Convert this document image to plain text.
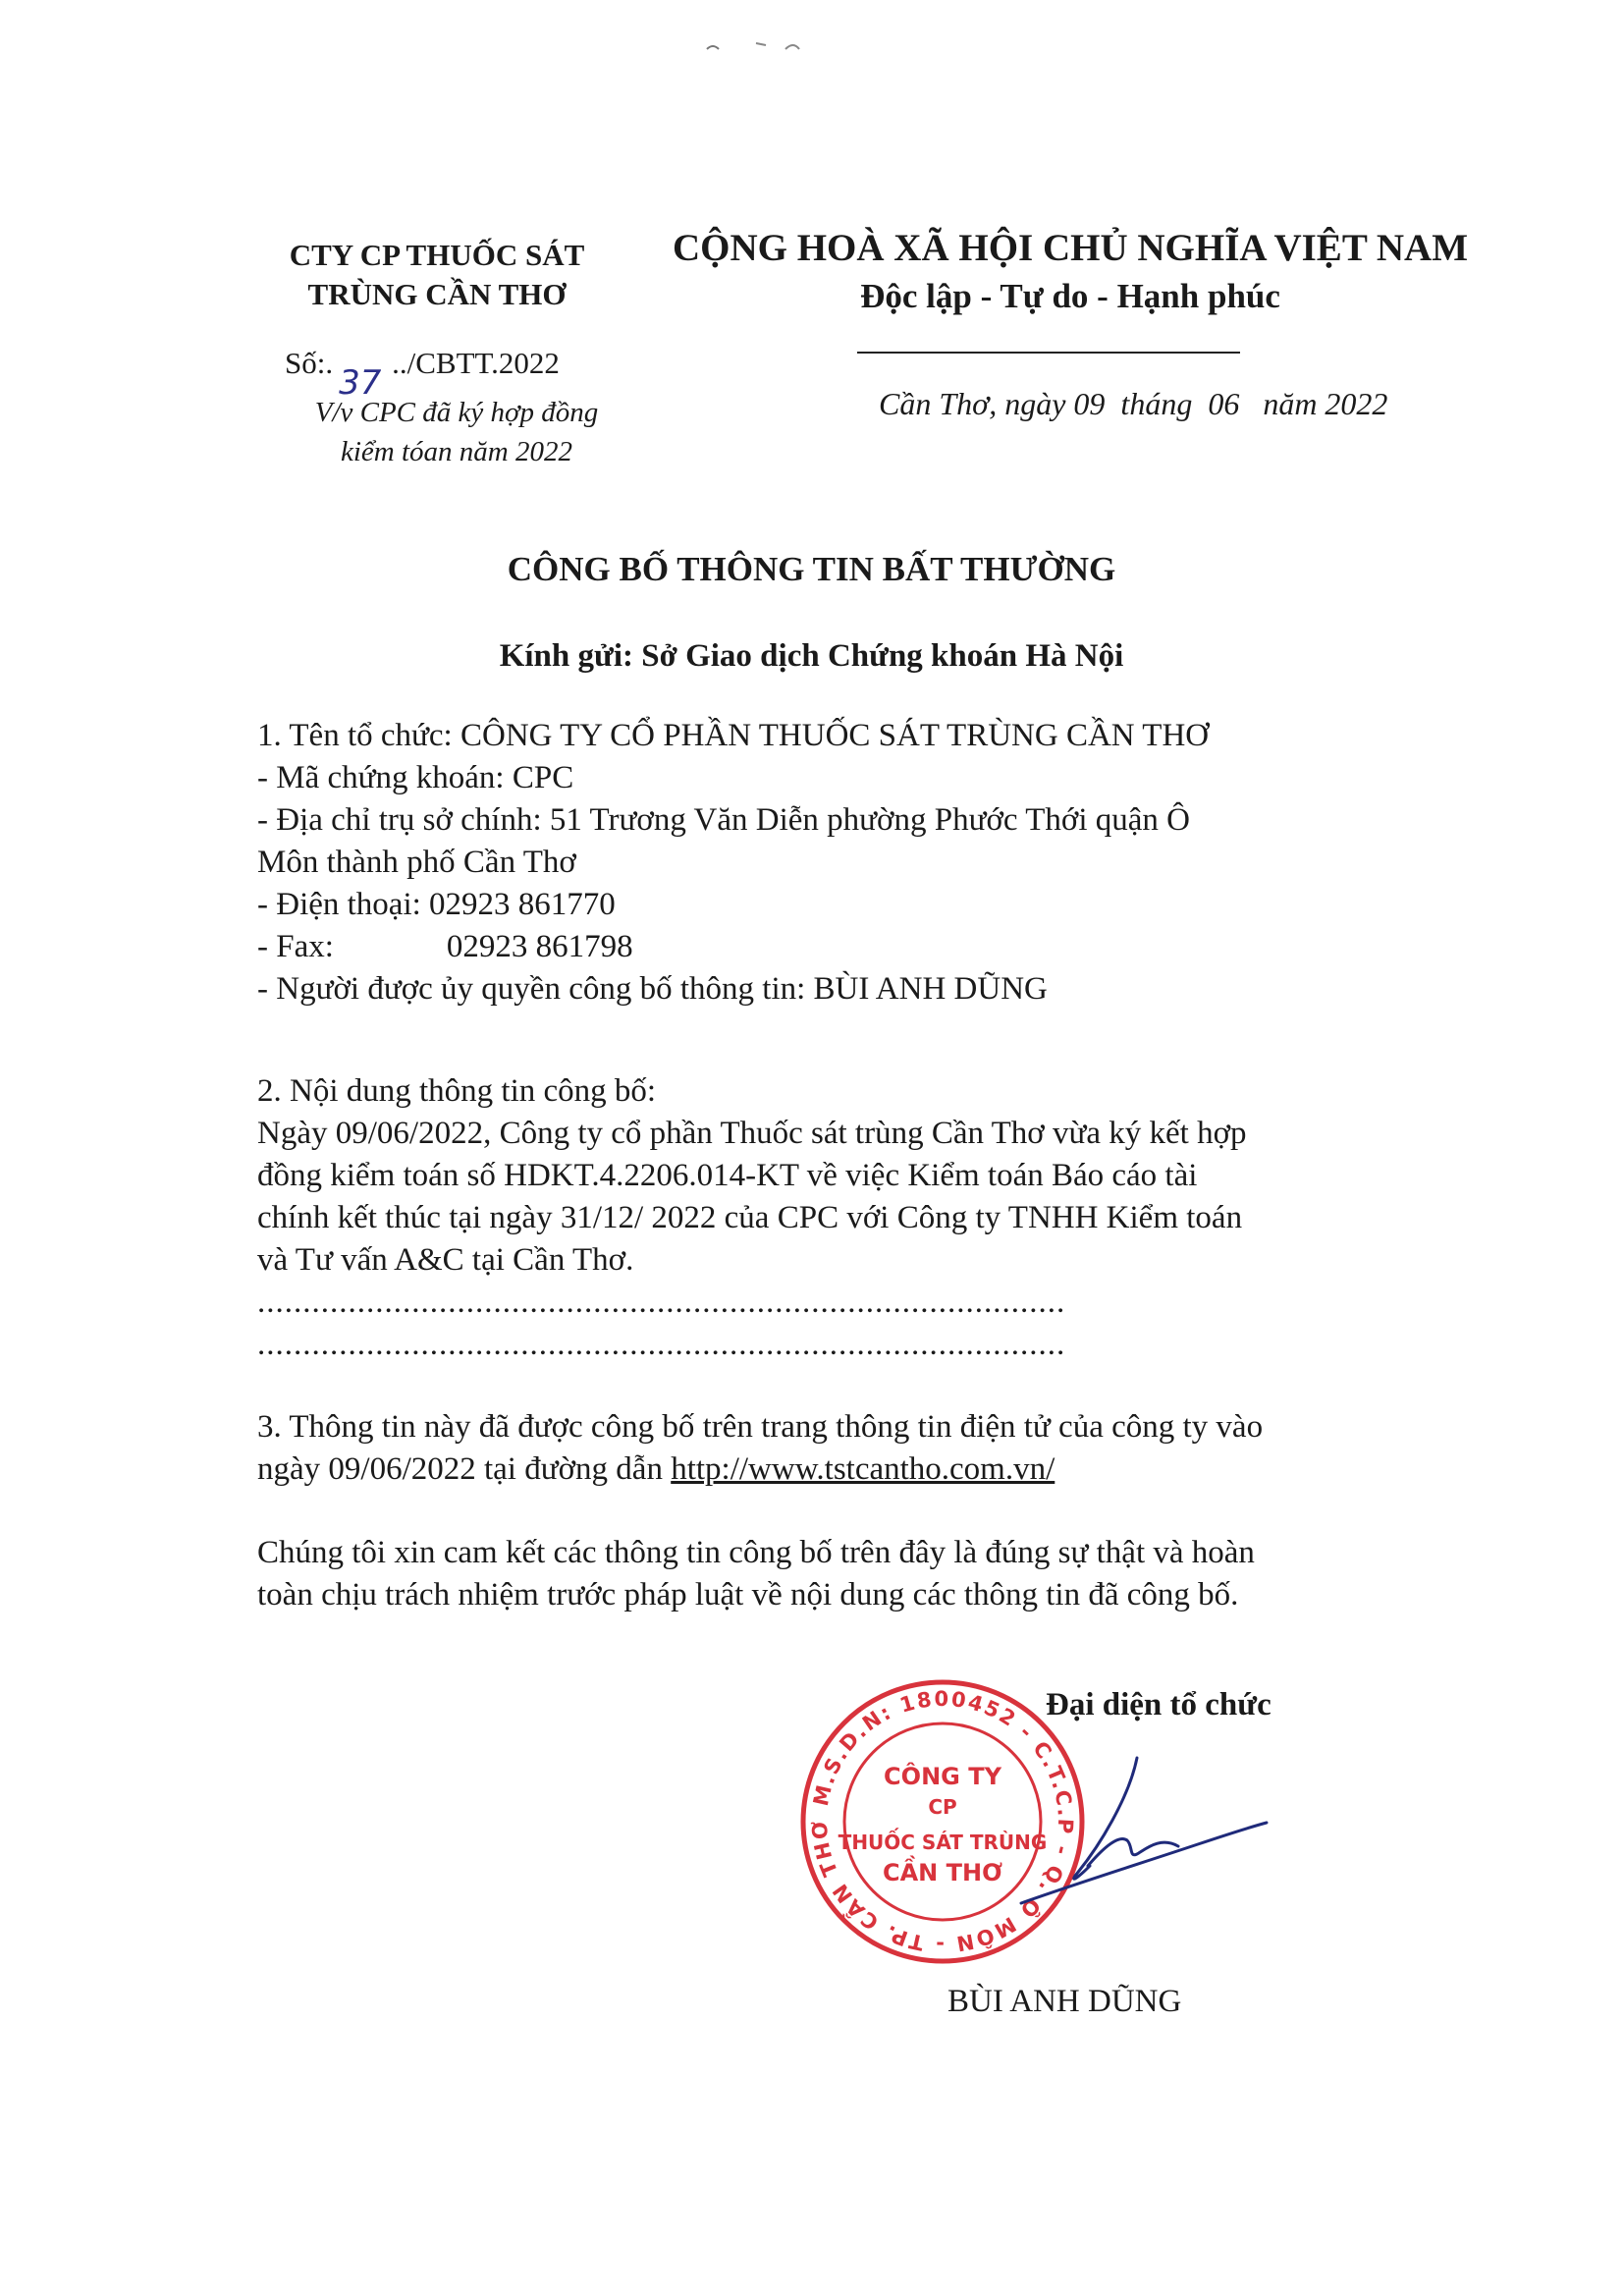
CTY CP THUỐC SÁT
TRÙNG CẦN THƠ
CỘNG HOÀ XÃ HỘI CHỦ NGHĨA VIỆT NAM
Độc lập - Tự do - Hạnh phúc
Số:.
37
../CBTT.2022
V/v CPC đã ký hợp đồng
kiểm tóan năm 2022
Cần Thơ, ngày 09  tháng  06   năm 2022
CÔNG BỐ THÔNG TIN BẤT THƯỜNG
Kính gửi: Sở Giao dịch Chứng khoán Hà Nội

1. Tên tổ chức: CÔNG TY CỔ PHẦN THUỐC SÁT TRÙNG CẦN THƠ

- Mã chứng khoán: CPC

- Địa chỉ trụ sở chính: 51 Trương Văn Diễn phường Phước Thới quận Ô

Môn thành phố Cần Thơ

- Điện thoại: 02923 861770

- Fax:	02923 861798

- Người được ủy quyền công bố thông tin: BÙI ANH DŨNG

2. Nội dung thông tin công bố:

Ngày 09/06/2022, Công ty cổ phần Thuốc sát trùng Cần Thơ vừa ký kết hợp

đồng kiểm toán số HDKT.4.2206.014-KT về việc Kiểm toán Báo cáo tài

chính kết thúc tại ngày 31/12/ 2022 của CPC với Công ty TNHH Kiểm toán

và Tư vấn A&C tại Cần Thơ.

.........................................................................................

.........................................................................................

3. Thông tin này đã được công bố trên trang thông tin điện tử của công ty vào

ngày 09/06/2022 tại đường dẫn http://www.tstcantho.com.vn/

Chúng tôi xin cam kết các thông tin công bố trên đây là đúng sự thật và hoàn

toàn chịu trách nhiệm trước pháp luật về nội dung các thông tin đã công bố.

M.S.D.N: 1800452 - C.T.C.P - Q. Ô MÔN - TP. CẦN THƠ
CÔNG TY
CP
THUỐC SÁT TRÙNG
CẦN THƠ
Đại diện tổ chức
BÙI ANH DŨNG
